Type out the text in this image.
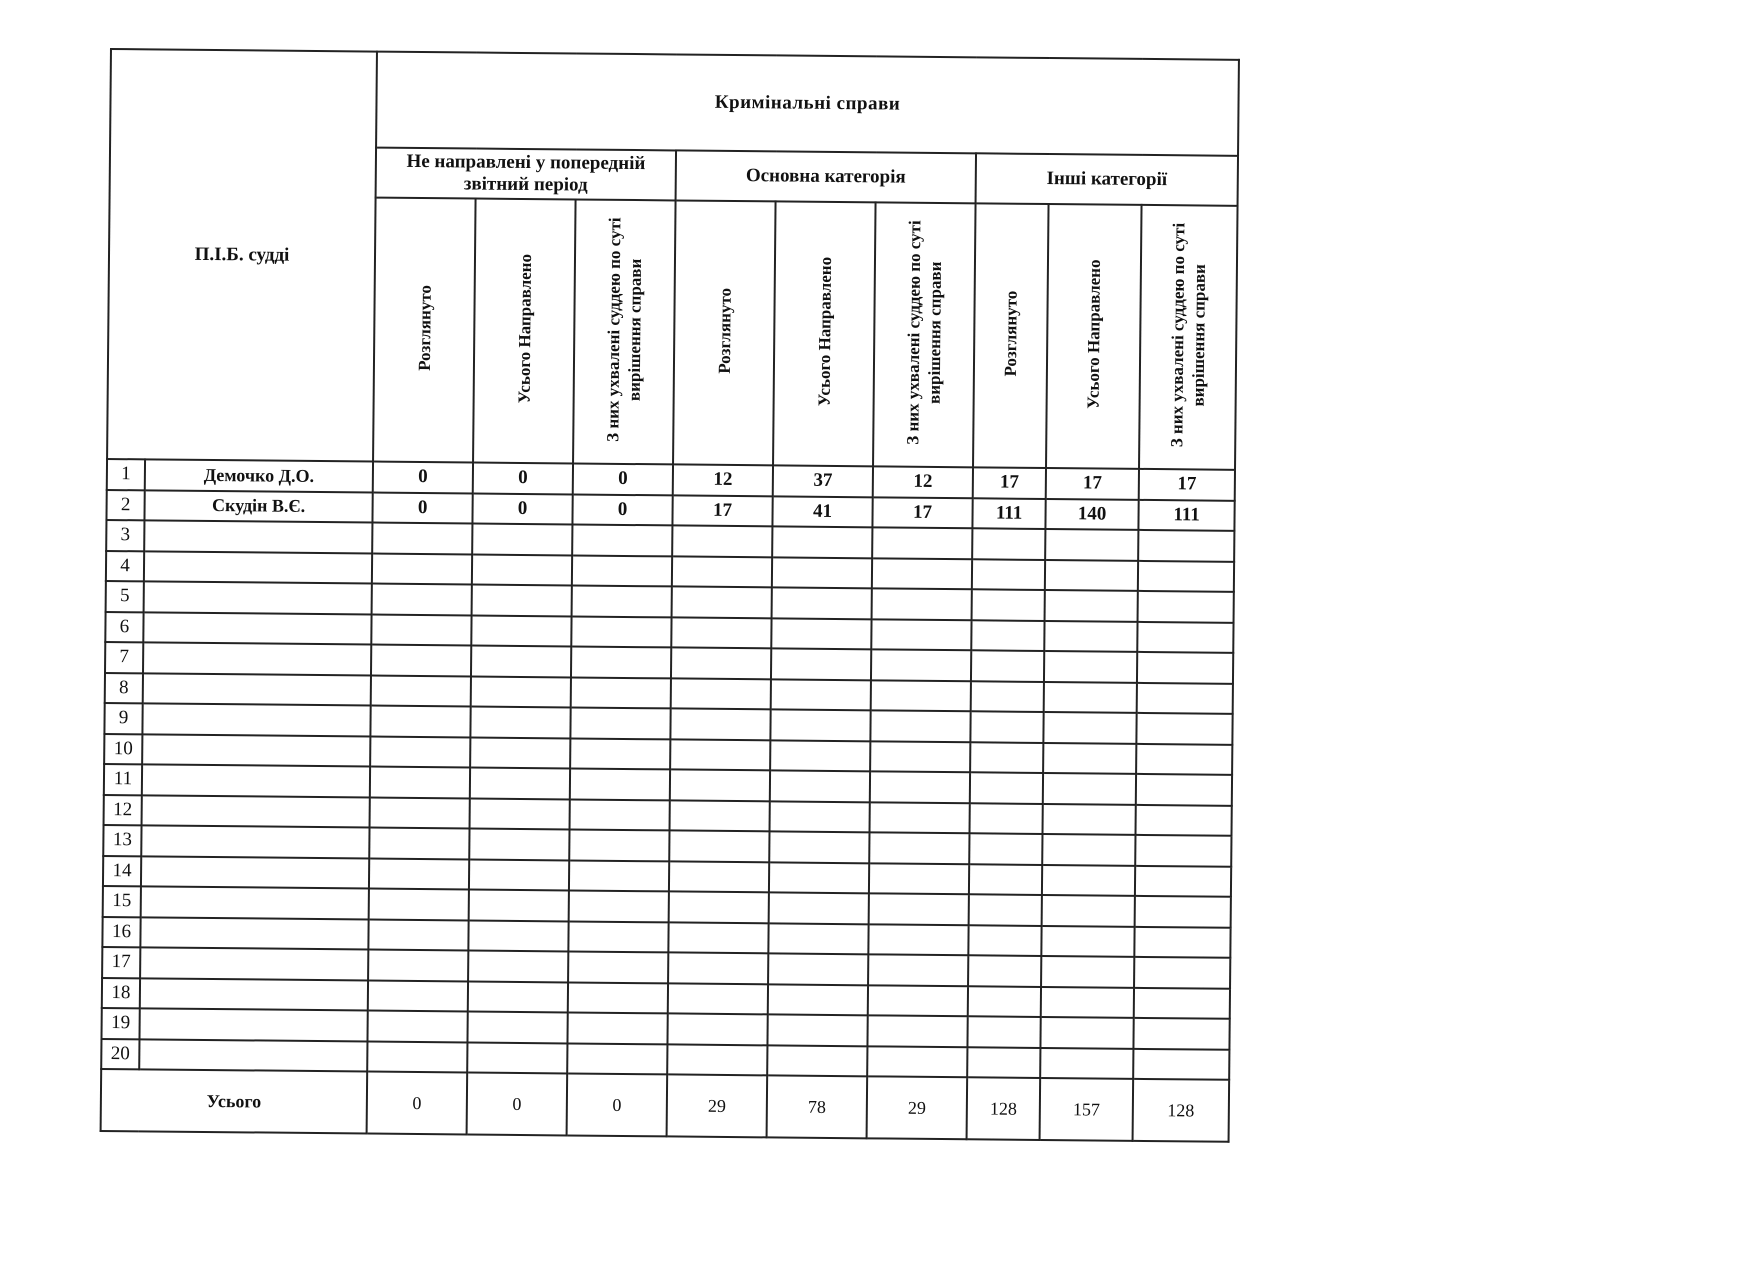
П.І.Б. судді		Кримінальні справи								
		Не направлені у попередній звітний період			Основна категорія			Інші категорії		
		Розглянуто	Усього Направлено	З них ухвалені суддею по суті вирішення справи	Розглянуто	Усього Направлено	З них ухвалені суддею по суті вирішення справи	Розглянуто	Усього Направлено	З них ухвалені суддею по суті вирішення справи
1	Демочко Д.О.	0	0	0	12	37	12	17	17	17
2	Скудін В.Є.	0	0	0	17	41	17	111	140	111
3										
4										
5										
6										
7										
8										
9										
10										
11										
12										
13										
14										
15										
16										
17										
18										
19										
20										
Усього		0	0	0	29	78	29	128	157	128
